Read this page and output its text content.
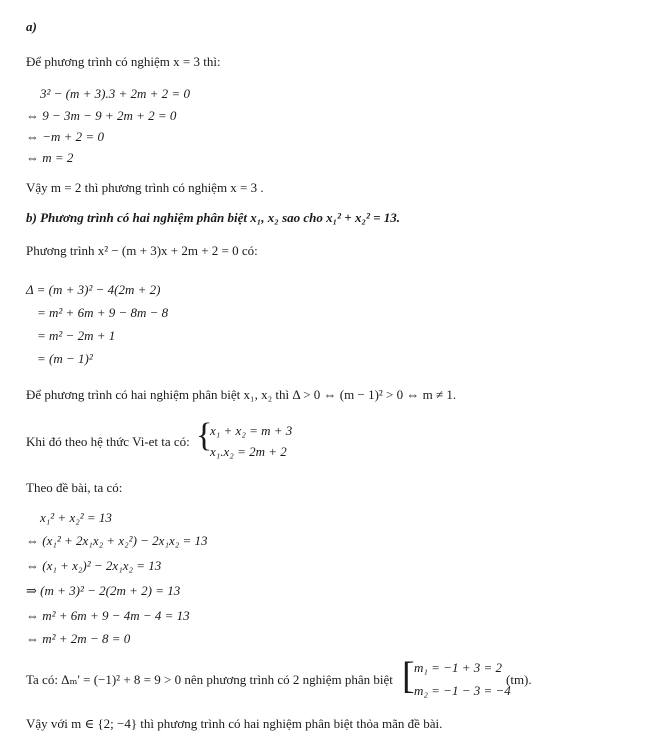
a)
Để phương trình có nghiệm x = 3 thì:
3² − (m + 3).3 + 2m + 2 = 0
⇔ 9 − 3m − 9 + 2m + 2 = 0
⇔ −m + 2 = 0
⇔ m = 2
Vậy m = 2 thì phương trình có nghiệm x = 3 .
b) Phương trình có hai nghiệm phân biệt x₁, x₂ sao cho x₁² + x₂² = 13.
Phương trình x² − (m + 3)x + 2m + 2 = 0 có:
Δ = (m + 3)² − 4(2m + 2)
= m² + 6m + 9 − 8m − 8
= m² − 2m + 1
= (m − 1)²
Để phương trình có hai nghiệm phân biệt x₁, x₂ thì Δ > 0 ⇔ (m − 1)² > 0 ⇔ m ≠ 1.
Khi đó theo hệ thức Vi-et ta có: {
x₁ + x₂ = m + 3
x₁.x₂ = 2m + 2
Theo đề bài, ta có:
x₁² + x₂² = 13
⇔ (x₁² + 2x₁x₂ + x₂²) − 2x₁x₂ = 13
⇔ (x₁ + x₂)² − 2x₁x₂ = 13
⇒ (m + 3)² − 2(2m + 2) = 13
⇔ m² + 6m + 9 − 4m − 4 = 13
⇔ m² + 2m − 8 = 0
Ta có: Δₘ' = (−1)² + 8 = 9 > 0 nên phương trình có 2 nghiệm phân biệt [ m₁ = −1 + 3 = 2
m₂ = −1 − 3 = −4
(tm).
Vậy với m ∈ {2; −4} thì phương trình có hai nghiệm phân biệt thỏa mãn đề bài.
